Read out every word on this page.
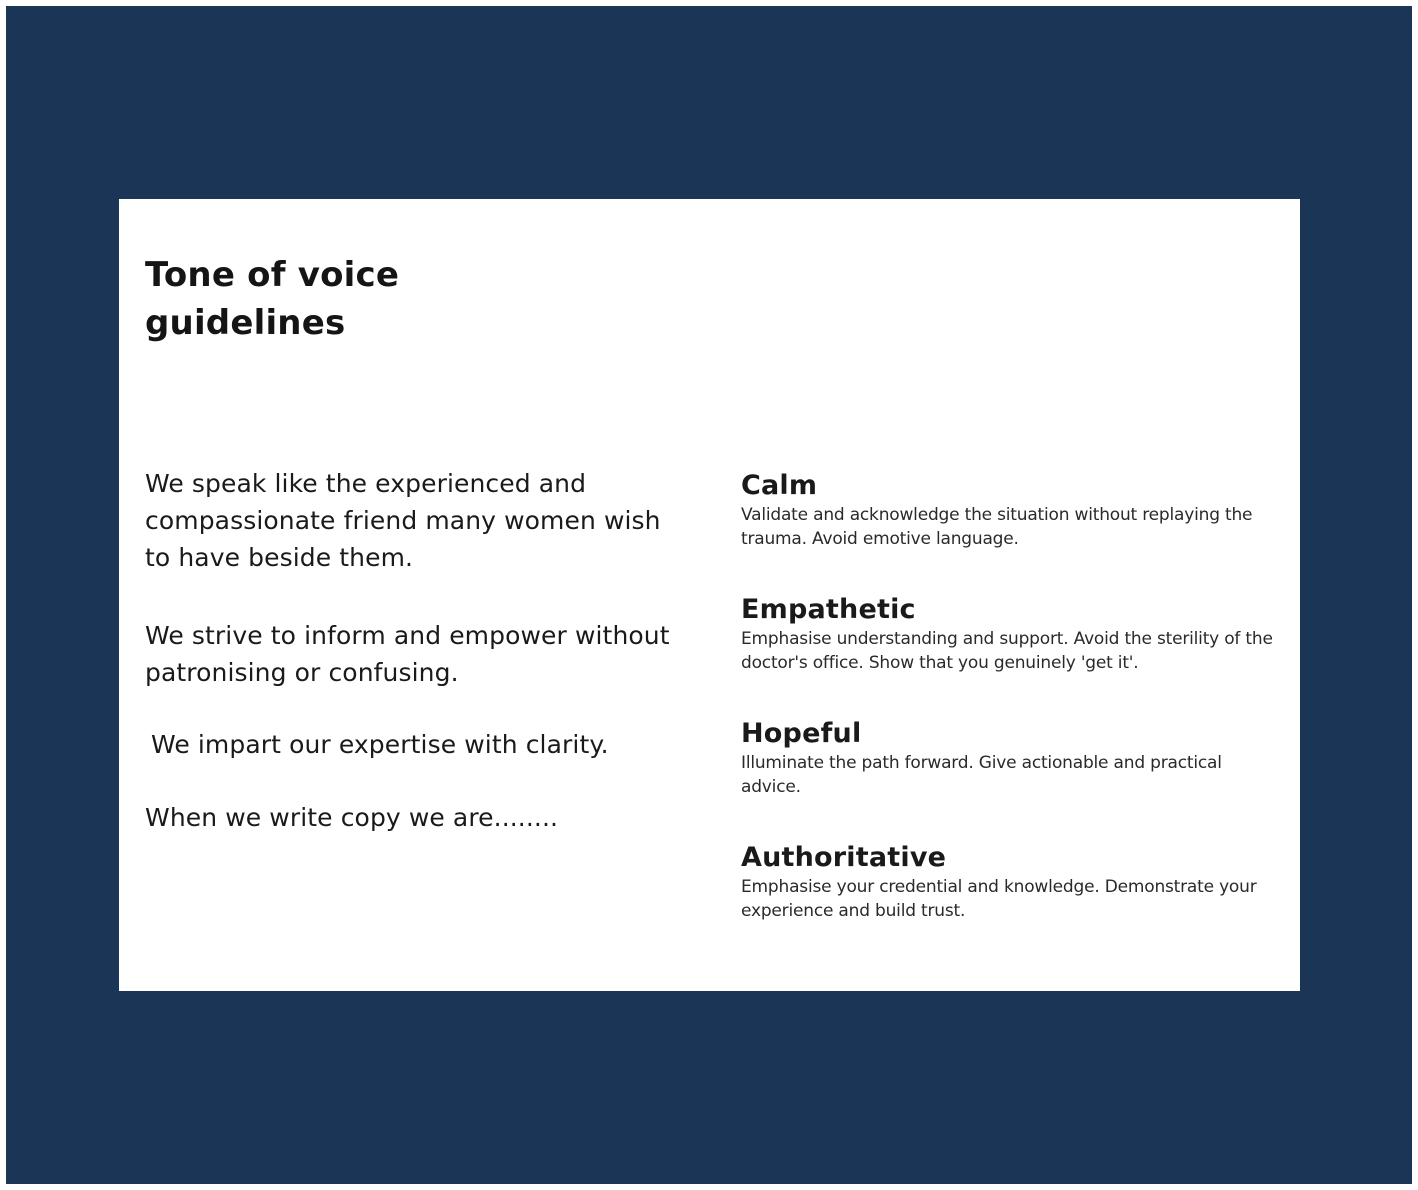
Tone of voice guidelines

We speak like the experienced and compassionate friend many women wish to have beside them.

We strive to inform and empower without patronising or confusing.

We impart our expertise with clarity.

When we write copy we are........

Calm

Validate and acknowledge the situation without replaying the trauma. Avoid emotive language.

Empathetic

Emphasise understanding and support. Avoid the sterility of the doctor's office. Show that you genuinely 'get it'.

Hopeful

Illuminate the path forward. Give actionable and practical advice.

Authoritative

Emphasise your credential and knowledge. Demonstrate your experience and build trust.
